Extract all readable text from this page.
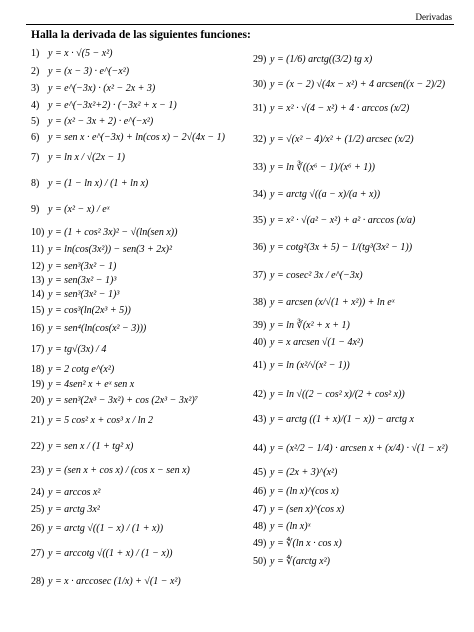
Derivadas
Halla la derivada de las siguientes funciones:
1) y = x · √(5 − x²)
2) y = (x − 3) · e^(−x²)
3) y = e^(−3x) · (x² − 2x + 3)
4) y = e^(−3x²+2) · (−3x² + x − 1)
5) y = (x² − 3x + 2) · e^(−x²)
6) y = sen x · e^(−3x) + ln(cos x) − 2√(4x − 1)
7) y = ln x / √(2x − 1)
8) y = (1 − ln x) / (1 + ln x)
9) y = (x² − x) / eˣ
10) y = (1 + cos² 3x)² − √(ln(sen x))
11) y = ln(cos(3x²)) − sen(3 + 2x)²
12) y = sen³(3x² − 1)
13) y = sen(3x² − 1)³
14) y = sen³(3x² − 1)³
15) y = cos³(ln(2x³ + 5))
16) y = sen⁴(ln(cos(x² − 3)))
17) y = tg√(3x) / 4
18) y = 2 cotg e^(x²)
19) y = 4sen² x + eˣ sen x
20) y = sen³(2x³ − 3x²) + cos (2x³ − 3x²)⁷
21) y = 5 cos² x + cos³ x / ln 2
22) y = sen x / (1 + tg² x)
23) y = (sen x + cos x) / (cos x − sen x)
24) y = arccos x²
25) y = arctg 3x²
26) y = arctg √((1 − x) / (1 + x))
27) y = arccotg √((1 + x) / (1 − x))
28) y = x · arccosec (1/x) + √(1 − x²)
29) y = (1/6) arctg((3/2) tg x)
30) y = (x − 2) √(4x − x²) + 4 arcsen((x − 2)/2)
31) y = x² · √(4 − x²) + 4 · arccos (x/2)
32) y = √(x² − 4)/x² + (1/2) arcsec (x/2)
33) y = ln ∛((x⁶ − 1)/(x⁶ + 1))
34) y = arctg √((a − x)/(a + x))
35) y = x² · √(a² − x²) + a² · arccos (x/a)
36) y = cotg²(3x + 5) − 1/(tg³(3x² − 1))
37) y = cosec² 3x / e^(−3x)
38) y = arcsen (x/√(1 + x²)) + ln eˣ
39) y = ln ∛(x² + x + 1)
40) y = x arcsen √(1 − 4x²)
41) y = ln (x²/√(x² − 1))
42) y = ln √((2 − cos² x)/(2 + cos² x))
43) y = arctg ((1 + x)/(1 − x)) − arctg x
44) y = (x²/2 − 1/4) · arcsen x + (x/4) · √(1 − x²)
45) y = (2x + 3)^(x²)
46) y = (ln x)^(cos x)
47) y = (sen x)^(cos x)
48) y = (ln x)ˣ
49) y = ∜(ln x · cos x)
50) y = ∜(arctg x²)
